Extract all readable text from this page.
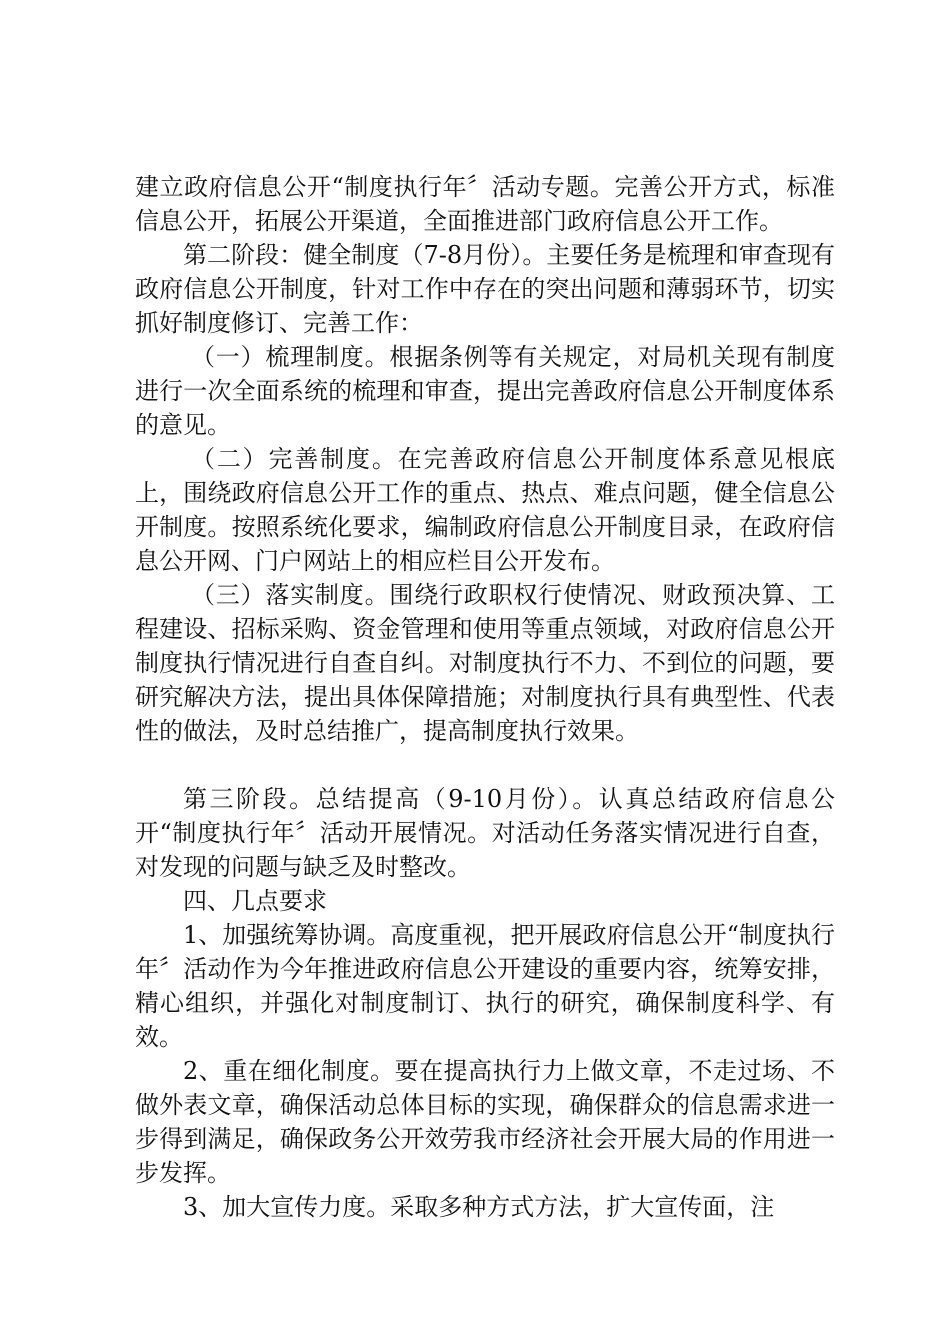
建立政府信息公开“制度执行年〞活动专题。完善公开方式，标准信息公开，拓展公开渠道，全面推进部门政府信息公开工作。

第二阶段：健全制度（7-8月份）。主要任务是梳理和审查现有政府信息公开制度，针对工作中存在的突出问题和薄弱环节，切实抓好制度修订、完善工作：

（一）梳理制度。根据条例等有关规定，对局机关现有制度进行一次全面系统的梳理和审查，提出完善政府信息公开制度体系的意见。

（二）完善制度。在完善政府信息公开制度体系意见根底上，围绕政府信息公开工作的重点、热点、难点问题，健全信息公开制度。按照系统化要求，编制政府信息公开制度目录，在政府信息公开网、门户网站上的相应栏目公开发布。

（三）落实制度。围绕行政职权行使情况、财政预决算、工程建设、招标采购、资金管理和使用等重点领域，对政府信息公开制度执行情况进行自查自纠。对制度执行不力、不到位的问题，要研究解决方法，提出具体保障措施；对制度执行具有典型性、代表性的做法，及时总结推广，提高制度执行效果。

第三阶段。总结提高（9-10月份）。认真总结政府信息公开“制度执行年〞活动开展情况。对活动任务落实情况进行自查，对发现的问题与缺乏及时整改。

四、几点要求

1、加强统筹协调。高度重视，把开展政府信息公开“制度执行年〞活动作为今年推进政府信息公开建设的重要内容，统筹安排，精心组织，并强化对制度制订、执行的研究，确保制度科学、有效。

2、重在细化制度。要在提高执行力上做文章，不走过场、不做外表文章，确保活动总体目标的实现，确保群众的信息需求进一步得到满足，确保政务公开效劳我市经济社会开展大局的作用进一步发挥。

3、加大宣传力度。采取多种方式方法，扩大宣传面，注
